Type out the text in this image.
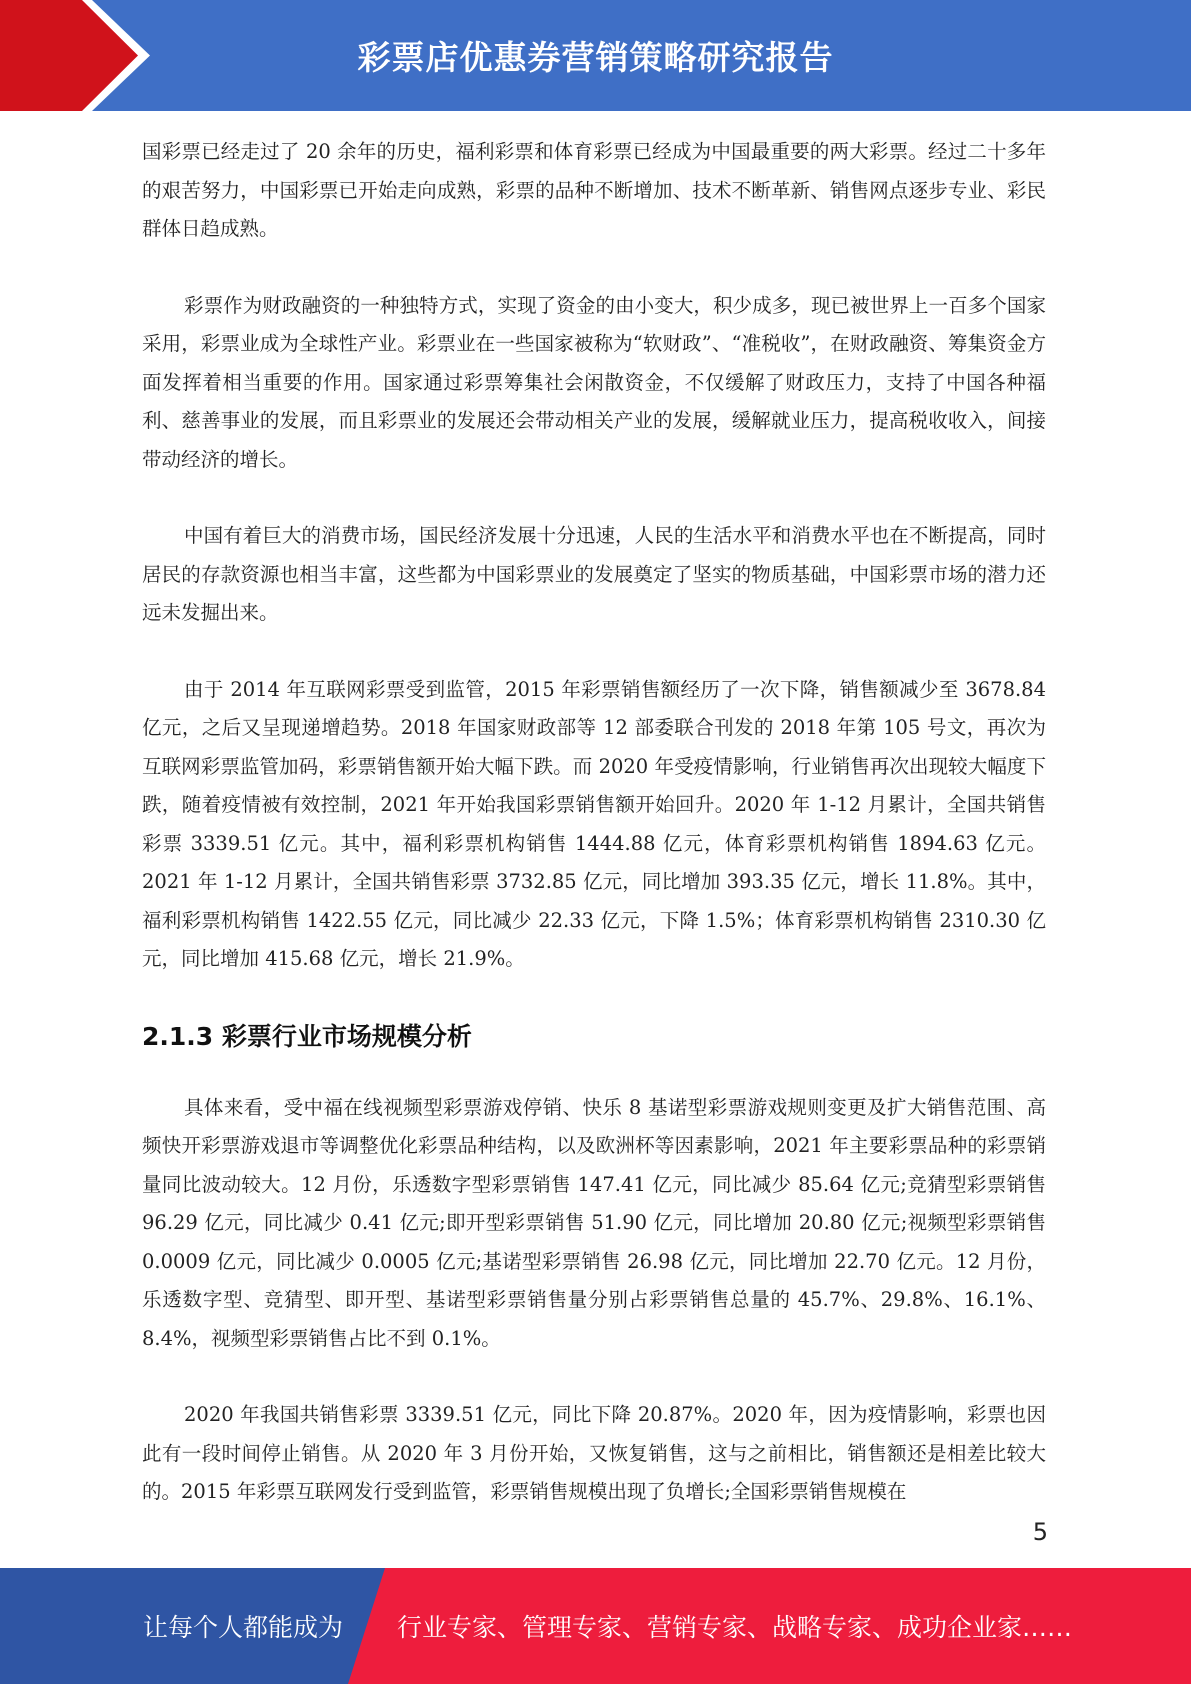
彩票店优惠券营销策略研究报告

国彩票已经走过了 20 余年的历史，福利彩票和体育彩票已经成为中国最重要的两大彩票。经过二十多年的艰苦努力，中国彩票已开始走向成熟，彩票的品种不断增加、技术不断革新、销售网点逐步专业、彩民群体日趋成熟。

彩票作为财政融资的一种独特方式，实现了资金的由小变大，积少成多，现已被世界上一百多个国家采用，彩票业成为全球性产业。彩票业在一些国家被称为“软财政”、“准税收”，在财政融资、筹集资金方面发挥着相当重要的作用。国家通过彩票筹集社会闲散资金，不仅缓解了财政压力，支持了中国各种福利、慈善事业的发展，而且彩票业的发展还会带动相关产业的发展，缓解就业压力，提高税收收入，间接带动经济的增长。

中国有着巨大的消费市场，国民经济发展十分迅速，人民的生活水平和消费水平也在不断提高，同时居民的存款资源也相当丰富，这些都为中国彩票业的发展奠定了坚实的物质基础，中国彩票市场的潜力还远未发掘出来。

由于 2014 年互联网彩票受到监管，2015 年彩票销售额经历了一次下降，销售额减少至 3678.84 亿元，之后又呈现递增趋势。2018 年国家财政部等 12 部委联合刊发的 2018 年第 105 号文，再次为互联网彩票监管加码，彩票销售额开始大幅下跌。而 2020 年受疫情影响，行业销售再次出现较大幅度下跌，随着疫情被有效控制，2021 年开始我国彩票销售额开始回升。2020 年 1-12 月累计，全国共销售彩票 3339.51 亿元。其中，福利彩票机构销售 1444.88 亿元，体育彩票机构销售 1894.63 亿元。2021 年 1-12 月累计，全国共销售彩票 3732.85 亿元，同比增加 393.35 亿元，增长 11.8%。其中，福利彩票机构销售 1422.55 亿元，同比减少 22.33 亿元，下降 1.5%；体育彩票机构销售 2310.30 亿元，同比增加 415.68 亿元，增长 21.9%。

2.1.3 彩票行业市场规模分析

具体来看，受中福在线视频型彩票游戏停销、快乐 8 基诺型彩票游戏规则变更及扩大销售范围、高频快开彩票游戏退市等调整优化彩票品种结构，以及欧洲杯等因素影响，2021 年主要彩票品种的彩票销量同比波动较大。12 月份，乐透数字型彩票销售 147.41 亿元，同比减少 85.64 亿元;竞猜型彩票销售 96.29 亿元，同比减少 0.41 亿元;即开型彩票销售 51.90 亿元，同比增加 20.80 亿元;视频型彩票销售 0.0009 亿元，同比减少 0.0005 亿元;基诺型彩票销售 26.98 亿元，同比增加 22.70 亿元。12 月份，乐透数字型、竞猜型、即开型、基诺型彩票销售量分别占彩票销售总量的 45.7%、29.8%、16.1%、8.4%，视频型彩票销售占比不到 0.1%。

2020 年我国共销售彩票 3339.51 亿元，同比下降 20.87%。2020 年，因为疫情影响，彩票也因此有一段时间停止销售。从 2020 年 3 月份开始，又恢复销售，这与之前相比，销售额还是相差比较大的。2015 年彩票互联网发行受到监管，彩票销售规模出现了负增长;全国彩票销售规模在

5
让每个人都能成为 行业专家、管理专家、营销专家、战略专家、成功企业家……
